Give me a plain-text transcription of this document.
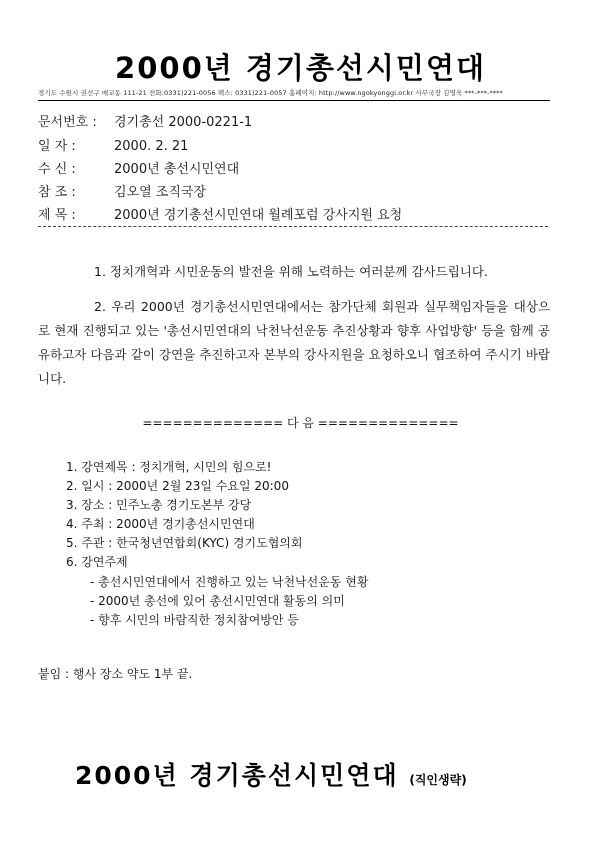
2000년 경기총선시민연대
경기도 수원시 권선구 매교동 111-21 전화:0331)221-0056 팩스: 0331)221-0057 홈페이지: http://www.ngokyonggi.or.kr 사무국장 김영욱 ***-***-****
문서번호 : 경기총선 2000-0221-1
일 자 :	2000. 2. 21
수 신 :	2000년 총선시민연대
참 조 :	김오열 조직국장
제 목 :	2000년 경기총선시민연대 월례포럼 강사지원 요청
1. 정치개혁과 시민운동의 발전을 위해 노력하는 여러분께 감사드립니다.
2. 우리 2000년 경기총선시민연대에서는 참가단체 회원과 실무책임자들을 대상으로 현재 진행되고 있는 '총선시민연대의 낙천낙선운동 추진상황과 향후 사업방향' 등을 함께 공유하고자 다음과 같이 강연을 추진하고자 본부의 강사지원을 요청하오니 협조하여 주시기 바랍니다.
============== 다 음 ==============
1. 강연제목 : 정치개혁, 시민의 힘으로!
2. 일시 : 2000년 2월 23일 수요일 20:00
3. 장소 : 민주노총 경기도본부 강당
4. 주최 : 2000년 경기총선시민연대
5. 주관 : 한국청년연합회(KYC) 경기도협의회
6. 강연주제
- 총선시민연대에서 진행하고 있는 낙천낙선운동 현황
- 2000년 총선에 있어 총선시민연대 활동의 의미
- 향후 시민의 바람직한 정치참여방안 등
붙임 : 행사 장소 약도 1부 끝.
2000년 경기총선시민연대 (직인생략)
